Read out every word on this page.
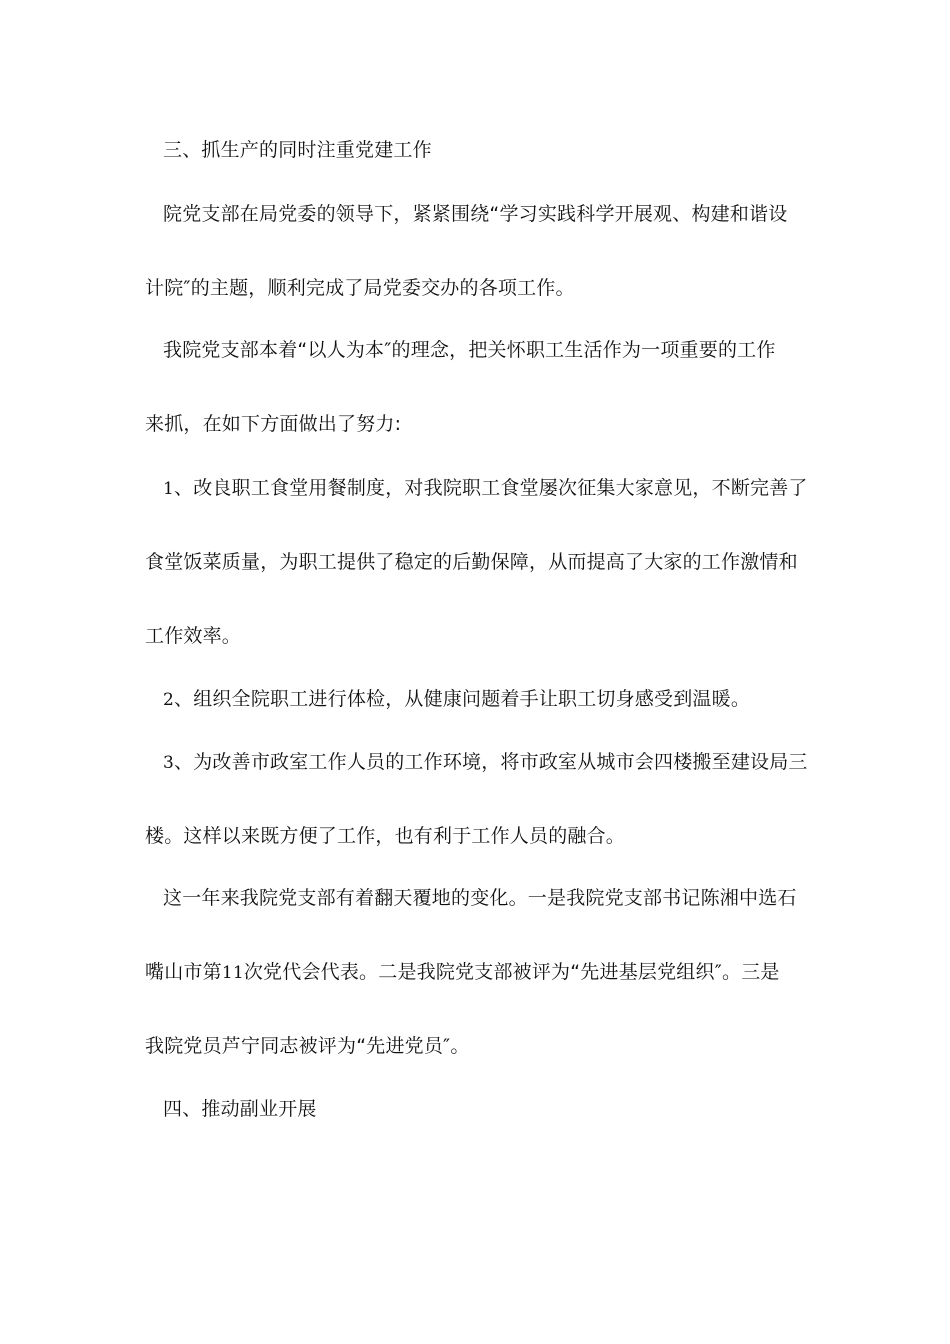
三、抓生产的同时注重党建工作
院党支部在局党委的领导下，紧紧围绕“学习实践科学开展观、构建和谐设
计院″的主题，顺利完成了局党委交办的各项工作。
我院党支部本着“以人为本″的理念，把关怀职工生活作为一项重要的工作
来抓，在如下方面做出了努力:
1、改良职工食堂用餐制度，对我院职工食堂屡次征集大家意见，不断完善了
食堂饭菜质量，为职工提供了稳定的后勤保障，从而提高了大家的工作激情和
工作效率。
2、组织全院职工进行体检，从健康问题着手让职工切身感受到温暖。
3、为改善市政室工作人员的工作环境，将市政室从城市会四楼搬至建设局三
楼。这样以来既方便了工作，也有利于工作人员的融合。
这一年来我院党支部有着翻天覆地的变化。一是我院党支部书记陈湘中选石
嘴山市第11次党代会代表。二是我院党支部被评为“先进基层党组织″。三是
我院党员芦宁同志被评为“先进党员″。
四、推动副业开展
